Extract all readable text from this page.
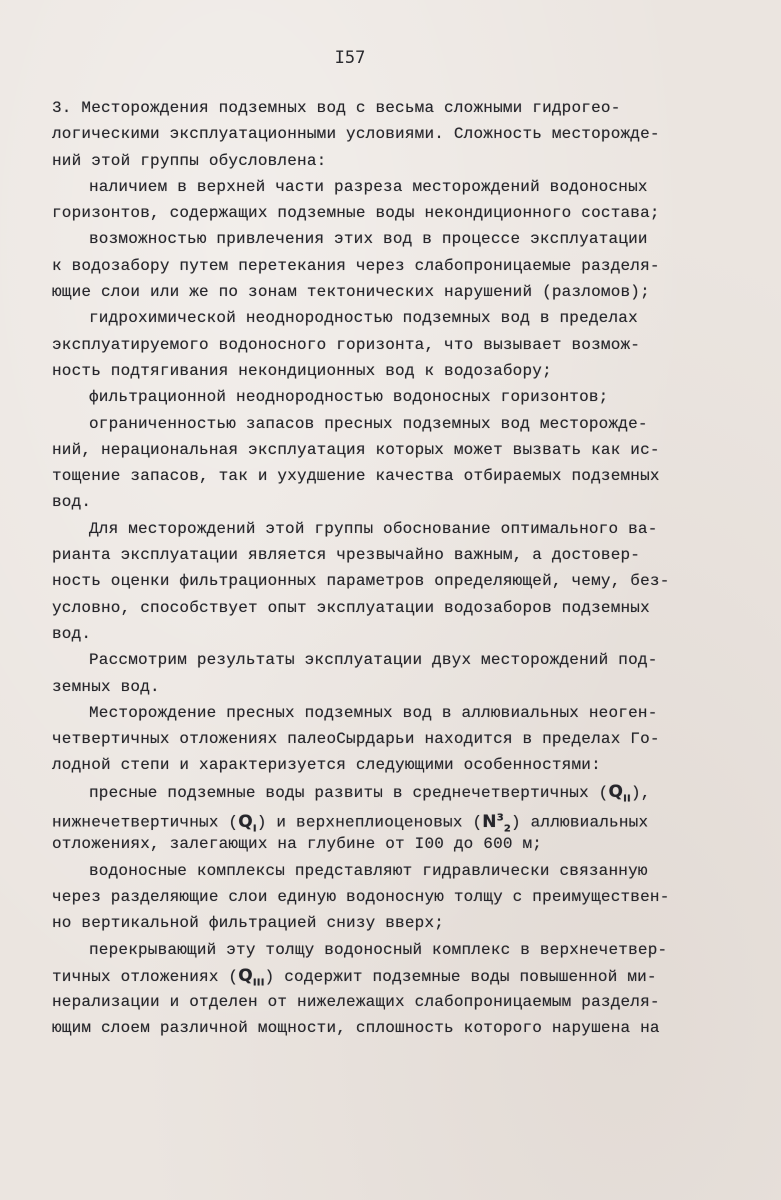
I57
3. Месторождения подземных вод с весьма сложными гидрогео-
логическими эксплуатационными условиями. Сложность месторожде-
ний этой группы обусловлена:
наличием в верхней части разреза месторождений водоносных
горизонтов, содержащих подземные воды некондиционного состава;
возможностью привлечения этих вод в процессе эксплуатации
к водозабору путем перетекания через слабопроницаемые разделя-
ющие слои или же по зонам тектонических нарушений (разломов);
гидрохимической неоднородностью подземных вод в пределах
эксплуатируемого водоносного горизонта, что вызывает возмож-
ность подтягивания некондиционных вод к водозабору;
фильтрационной неоднородностью водоносных горизонтов;
ограниченностью запасов пресных подземных вод месторожде-
ний, нерациональная эксплуатация которых может вызвать как ис-
тощение запасов, так и ухудшение качества отбираемых подземных
вод.
Для месторождений этой группы обоснование оптимального ва-
рианта эксплуатации является чрезвычайно важным, а достовер-
ность оценки фильтрационных параметров определяющей, чему, без-
условно, способствует опыт эксплуатации водозаборов подземных
вод.
Рассмотрим результаты эксплуатации двух месторождений под-
земных вод.
Месторождение пресных подземных вод в аллювиальных неоген-
четвертичных отложениях палеоСырдарьи находится в пределах Го-
лодной степи и характеризуется следующими особенностями:
пресные подземные воды развиты в среднечетвертичных $(Q_{II})$,
нижнечетвертичных $(Q_I)$ и верхнеплиоценовых $(N^3_2)$ аллювиальных
отложениях, залегающих на глубине от I00 до 600 м;
водоносные комплексы представляют гидравлически связанную
через разделяющие слои единую водоносную толщу с преимуществен-
но вертикальной фильтрацией снизу вверх;
перекрывающий эту толщу водоносный комплекс в верхнечетвер-
тичных отложениях $(Q_{III})$ содержит подземные воды повышенной ми-
нерализации и отделен от нижележащих слабопроницаемым разделя-
ющим слоем различной мощности, сплошность которого нарушена на
